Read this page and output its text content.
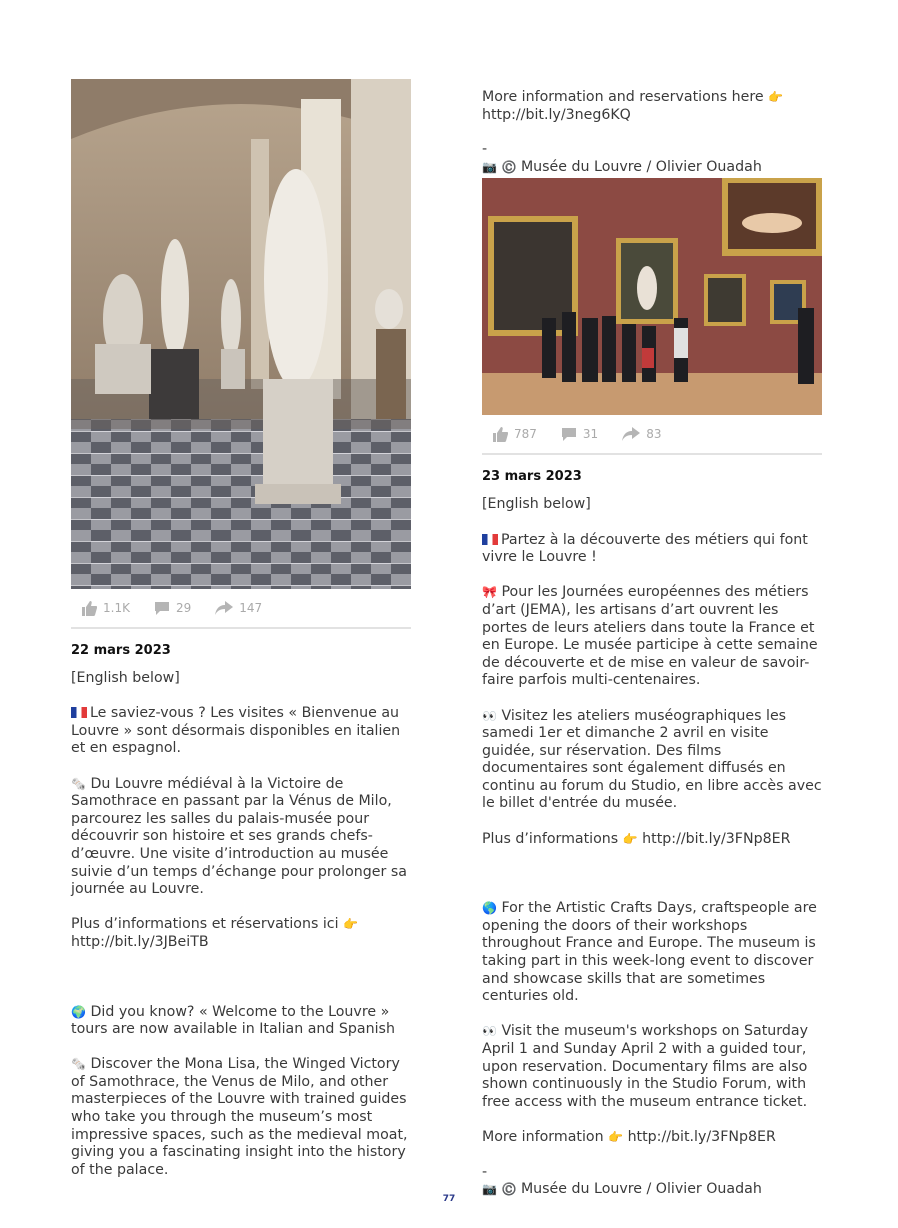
1.1K	29	147
22 mars 2023

[English below]

Le saviez-vous ? Les visites « Bienvenue au Louvre » sont désormais disponibles en italien et en espagnol.

🗞️ Du Louvre médiéval à la Victoire de Samothrace en passant par la Vénus de Milo, parcourez les salles du palais-musée pour découvrir son histoire et ses grands chefs-d’œuvre. Une visite d’introduction au musée suivie d’un temps d’échange pour prolonger sa journée au Louvre.

Plus d’informations et réservations ici 👉
http://bit.ly/3JBeiTB

🌍 Did you know? « Welcome to the Louvre » tours are now available in Italian and Spanish

🗞️ Discover the Mona Lisa, the Winged Victory of Samothrace, the Venus de Milo, and other masterpieces of the Louvre with trained guides who take you through the museum’s most impressive spaces, such as the medieval moat, giving you a fascinating insight into the history of the palace.

More information and reservations here 👉
http://bit.ly/3neg6KQ

-

📷 ©️ Musée du Louvre / Olivier Ouadah

787	31	83
23 mars 2023

[English below]

Partez à la découverte des métiers qui font vivre le Louvre !

🎀 Pour les Journées européennes des métiers d’art (JEMA), les artisans d’art ouvrent les portes de leurs ateliers dans toute la France et en Europe. Le musée participe à cette semaine de découverte et de mise en valeur de savoir-faire parfois multi-centenaires.

👀 Visitez les ateliers muséographiques les samedi 1er et dimanche 2 avril en visite guidée, sur réservation. Des films documentaires sont également diffusés en continu au forum du Studio, en libre accès avec le billet d'entrée du musée.

Plus d’informations 👉 http://bit.ly/3FNp8ER

🌎 For the Artistic Crafts Days, craftspeople are opening the doors of their workshops throughout France and Europe. The museum is taking part in this week-long event to discover and showcase skills that are sometimes centuries old.

👀 Visit the museum's workshops on Saturday April 1 and Sunday April 2 with a guided tour, upon reservation. Documentary films are also shown continuously in the Studio Forum, with free access with the museum entrance ticket.

More information 👉 http://bit.ly/3FNp8ER

-

📷 ©️ Musée du Louvre / Olivier Ouadah

77
